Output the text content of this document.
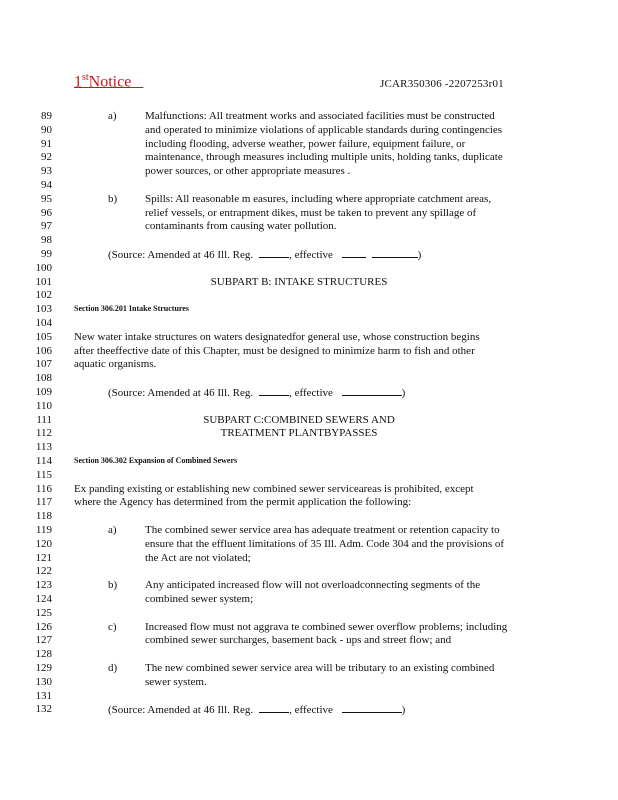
1stNotice	JCAR350306 -2207253r01
89	a)	Malfunctions: All treatment works and associated facilities must be constructed
90	and operated to minimize violations of applicable standards during contingencies
91	including flooding, adverse weather, power failure, equipment failure, or
92	maintenance, through measures including multiple units, holding tanks, duplicate
93	power sources, or other appropriate measures .
94
95	b)	Spills: All reasonable m easures, including where appropriate catchment areas,
96	relief vessels, or entrapment dikes, must be taken to prevent any spillage of
97	contaminants from causing water pollution.
98
99	(Source: Amended at 46 Ill. Reg.	, effective	)
100
101	SUBPART B: INTAKE STRUCTURES
102
103	Section 306.201 Intake Structures
104
105 New water intake structures on waters designatedfor general use, whose construction begins
106 after theeffective date of this Chapter, must be designed to minimize harm to fish and other
107 aquatic organisms.
108
109	(Source: Amended at 46 Ill. Reg.	, effective	)
110
111	SUBPART C:COMBINED SEWERS AND
112	TREATMENT PLANTBYPASSES
113
114	Section 306.302 Expansion of Combined Sewers
115
116 Ex panding existing or establishing new combined sewer serviceareas is prohibited, except
117 where the Agency has determined from the permit application the following:
118
119	a)	The combined sewer service area has adequate treatment or retention capacity to
120	ensure that the effluent limitations of 35 Ill. Adm. Code 304 and the provisions of
121	the Act are not violated;
122
123	b)	Any anticipated increased flow will not overloadconnecting segments of the
124	combined sewer system;
125
126	c)	Increased flow must not aggrava te combined sewer overflow problems; including
127	combined sewer surcharges, basement back - ups and street flow; and
128
129	d)	The new combined sewer service area will be tributary to an existing combined
130	sewer system.
131
132	(Source: Amended at 46 Ill. Reg.	, effective	)
